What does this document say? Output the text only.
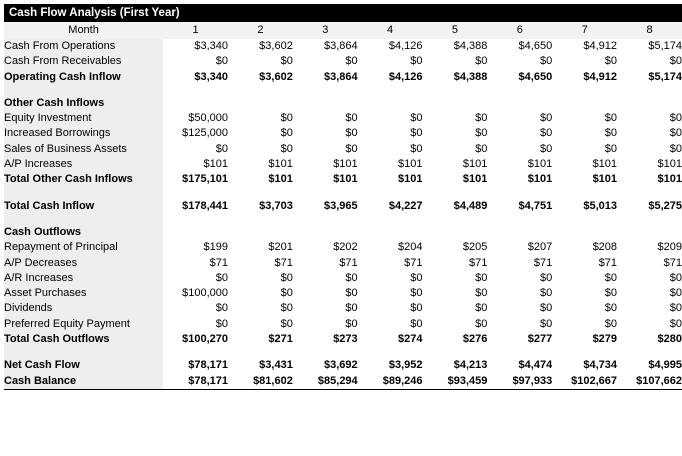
Cash Flow Analysis (First Year)								
Month	1	2	3	4	5	6	7	8
Cash From Operations	$3,340	$3,602	$3,864	$4,126	$4,388	$4,650	$4,912	$5,174
Cash From Receivables	$0	$0	$0	$0	$0	$0	$0	$0
Operating Cash Inflow	$3,340	$3,602	$3,864	$4,126	$4,388	$4,650	$4,912	$5,174

Other Cash Inflows								
Equity Investment	$50,000	$0	$0	$0	$0	$0	$0	$0
Increased Borrowings	$125,000	$0	$0	$0	$0	$0	$0	$0
Sales of Business Assets	$0	$0	$0	$0	$0	$0	$0	$0
A/P Increases	$101	$101	$101	$101	$101	$101	$101	$101
Total Other Cash Inflows	$175,101	$101	$101	$101	$101	$101	$101	$101

Total Cash Inflow	$178,441	$3,703	$3,965	$4,227	$4,489	$4,751	$5,013	$5,275

Cash Outflows								
Repayment of Principal	$199	$201	$202	$204	$205	$207	$208	$209
A/P Decreases	$71	$71	$71	$71	$71	$71	$71	$71
A/R Increases	$0	$0	$0	$0	$0	$0	$0	$0
Asset Purchases	$100,000	$0	$0	$0	$0	$0	$0	$0
Dividends	$0	$0	$0	$0	$0	$0	$0	$0
Preferred Equity Payment	$0	$0	$0	$0	$0	$0	$0	$0
Total Cash Outflows	$100,270	$271	$273	$274	$276	$277	$279	$280

Net Cash Flow	$78,171	$3,431	$3,692	$3,952	$4,213	$4,474	$4,734	$4,995
Cash Balance	$78,171	$81,602	$85,294	$89,246	$93,459	$97,933	$102,667	$107,662
